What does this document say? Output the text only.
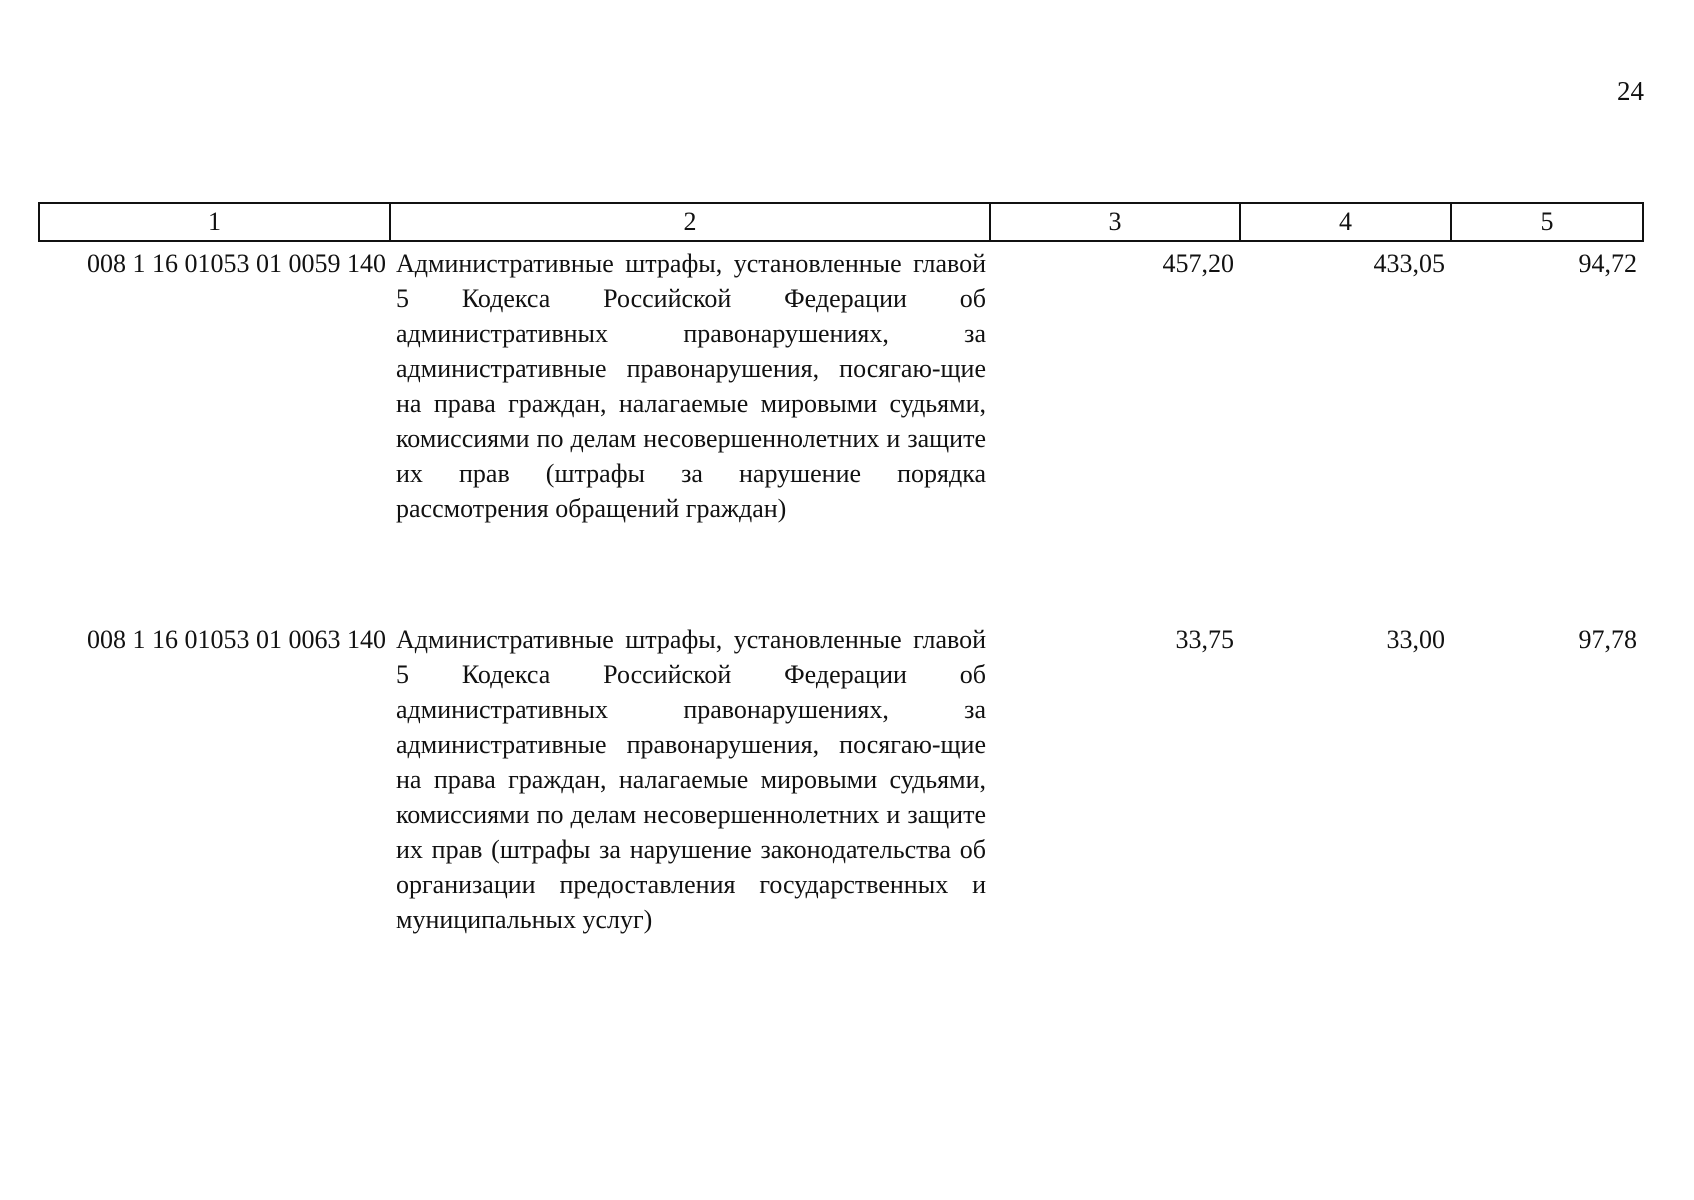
24
1	2	3	4	5
008 1 16 01053 01 0059 140	Административные штрафы, установленные главой 5 Кодекса Российской Федерации об административных правонарушениях, за административные правонарушения, посягаю-щие на права граждан, налагаемые мировыми судьями, комиссиями по делам несовершеннолетних и защите их прав (штрафы за нарушение порядка рассмотрения обращений граждан)	457,20	433,05	94,72
008 1 16 01053 01 0063 140	Административные штрафы, установленные главой 5 Кодекса Российской Федерации об административных правонарушениях, за административные правонарушения, посягаю-щие на права граждан, налагаемые мировыми судьями, комиссиями по делам несовершеннолетних и защите их прав (штрафы за нарушение законодательства об организации предоставления государственных и муниципальных услуг)	33,75	33,00	97,78
